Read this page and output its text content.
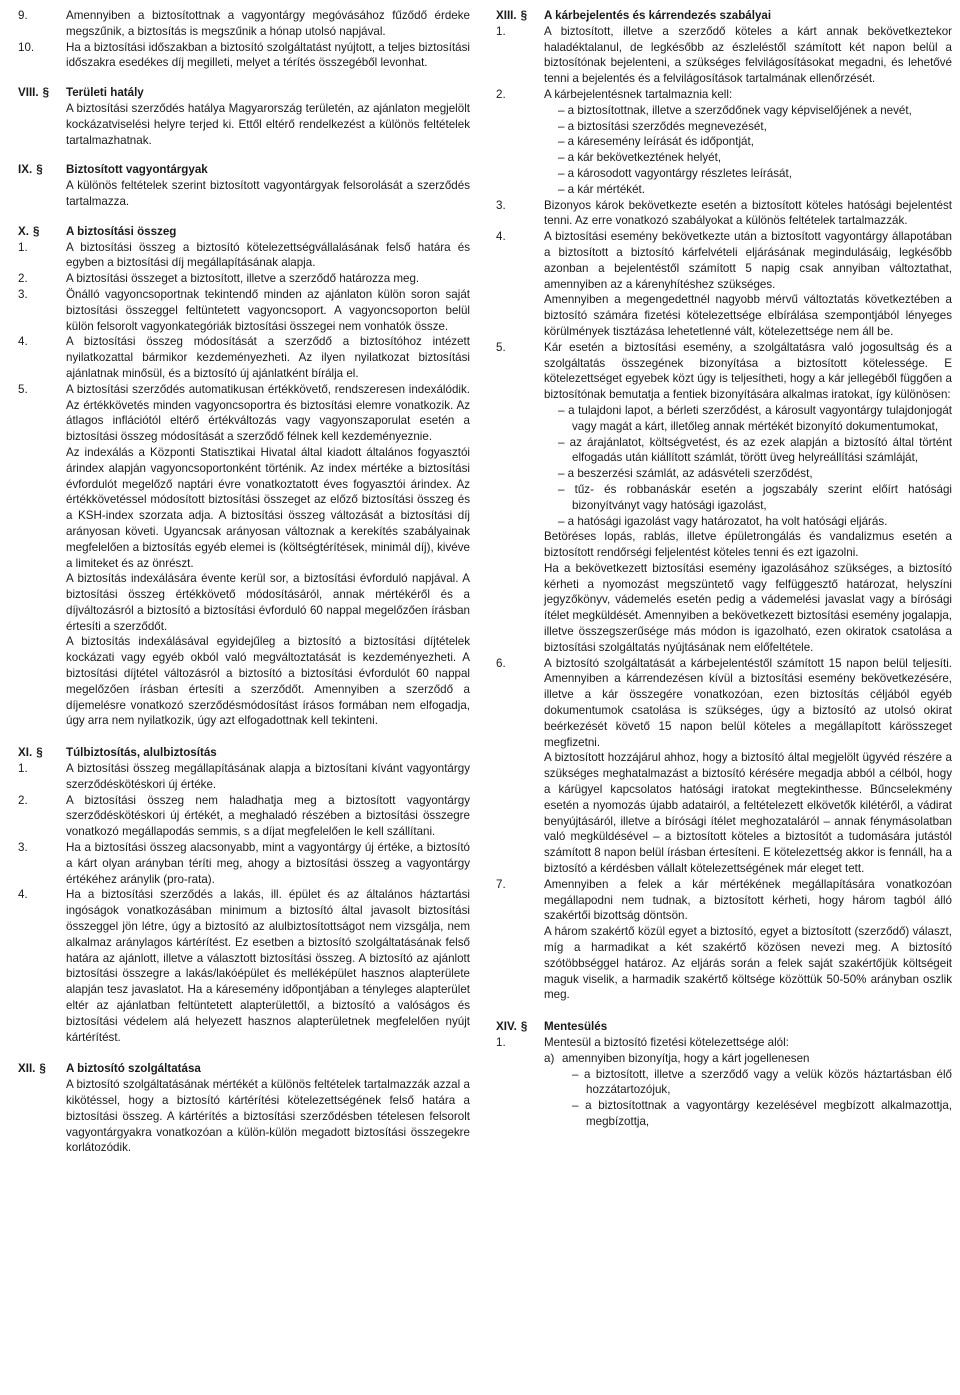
9.	Amennyiben a biztosítottnak a vagyontárgy megóvásához fűződő érdeke megszűnik, a biztosítás is megszűnik a hónap utolsó napjával.
10.	Ha a biztosítási időszakban a biztosító szolgáltatást nyújtott, a teljes biztosítási időszakra esedékes díj megilleti, melyet a térítés összegéből levonhat.
VIII. §	Területi hatály
A biztosítási szerződés hatálya Magyarország területén, az ajánlaton megjelölt kockázatviselési helyre terjed ki. Ettől eltérő rendelkezést a különös feltételek tartalmazhatnak.
IX. §	Biztosított vagyontárgyak
A különös feltételek szerint biztosított vagyontárgyak felsorolását a szerződés tartalmazza.
X. §	A biztosítási összeg
1.	A biztosítási összeg a biztosító kötelezettségvállalásának felső határa és egyben a biztosítási díj megállapításának alapja.
2.	A biztosítási összeget a biztosított, illetve a szerződő határozza meg.
3.	Önálló vagyoncsoportnak tekintendő minden az ajánlaton külön soron saját biztosítási összeggel feltüntetett vagyoncsoport. A vagyoncsoporton belül külön felsorolt vagyonkategóriák biztosítási összegei nem vonhatók össze.
4.	A biztosítási összeg módosítását a szerződő a biztosítóhoz intézett nyilatkozattal bármikor kezdeményezheti. Az ilyen nyilatkozat biztosítási ajánlatnak minősül, és a biztosító új ajánlatként bírálja el.
5.	A biztosítási szerződés automatikusan értékkövető, rendszeresen indexálódik. Az értékkövetés minden vagyoncsoportra és biztosítási elemre vonatkozik. Az átlagos inflációtól eltérő értékváltozás vagy vagyonszaporulat esetén a biztosítási összeg módosítását a szerződő félnek kell kezdeményeznie.
Az indexálás a Központi Statisztikai Hivatal által kiadott általános fogyasztói árindex alapján vagyoncsoportonként történik. Az index mértéke a biztosítási évfordulót megelőző naptári évre vonatkoztatott éves fogyasztói árindex. Az értékkövetéssel módosított biztosítási összeget az előző biztosítási összeg és a KSH-index szorzata adja. A biztosítási összeg változását a biztosítási díj arányosan követi. Ugyancsak arányosan változnak a kerekítés szabályainak megfelelően a biztosítás egyéb elemei is (költségtérítések, minimál díj), kivéve a limiteket és az önrészt.
A biztosítás indexálására évente kerül sor, a biztosítási évforduló napjával. A biztosítási összeg értékkövető módosításáról, annak mértékéről és a díjváltozásról a biztosító a biztosítási évforduló 60 nappal megelőzően írásban értesíti a szerződőt.
A biztosítás indexálásával egyidejűleg a biztosító a biztosítási díjtételek kockázati vagy egyéb okból való megváltoztatását is kezdeményezheti. A biztosítási díjtétel változásról a biztosító a biztosítási évfordulót 60 nappal megelőzően írásban értesíti a szerződőt. Amennyiben a szerződő a díjemelésre vonatkozó szerződésmódosítást írásos formában nem elfogadja, úgy arra nem nyilatkozik, úgy azt elfogadottnak kell tekinteni.
XI. §	Túlbiztosítás, alulbiztosítás
1.	A biztosítási összeg megállapításának alapja a biztosítani kívánt vagyontárgy szerződéskötéskori új értéke.
2.	A biztosítási összeg nem haladhatja meg a biztosított vagyontárgy szerződéskötéskori új értékét, a meghaladó részében a biztosítási összegre vonatkozó megállapodás semmis, s a díjat megfelelően le kell szállítani.
3.	Ha a biztosítási összeg alacsonyabb, mint a vagyontárgy új értéke, a biztosító a kárt olyan arányban téríti meg, ahogy a biztosítási összeg a vagyontárgy értékéhez aránylik (pro-rata).
4.	Ha a biztosítási szerződés a lakás, ill. épület és az általános háztartási ingóságok vonatkozásában minimum a biztosító által javasolt biztosítási összeggel jön létre, úgy a biztosító az alulbiztosítottságot nem vizsgálja, nem alkalmaz aránylagos kártérítést. Ez esetben a biztosító szolgáltatásának felső határa az ajánlott, illetve a választott biztosítási összeg. A biztosító az ajánlott biztosítási összegre a lakás/lakóépület és melléképület hasznos alapterülete alapján tesz javaslatot. Ha a káresemény időpontjában a tényleges alapterület eltér az ajánlatban feltüntetett alapterülettől, a biztosító a valóságos és biztosítási védelem alá helyezett hasznos alapterületnek megfelelően nyújt kártérítést.
XII. §	A biztosító szolgáltatása
A biztosító szolgáltatásának mértékét a különös feltételek tartalmazzák azzal a kikötéssel, hogy a biztosító kártérítési kötelezettségének felső határa a biztosítási összeg. A kártérítés a biztosítási szerződésben tételesen felsorolt vagyontárgyakra vonatkozóan a külön-külön megadott biztosítási összegekre korlátozódik.
XIII. §	A kárbejelentés és kárrendezés szabályai
1.	A biztosított, illetve a szerződő köteles a kárt annak bekövetkeztekor haladéktalanul, de legkésőbb az észleléstől számított két napon belül a biztosítónak bejelenteni, a szükséges felvilágosításokat megadni, és lehetővé tenni a bejelentés és a felvilágosítások tartalmának ellenőrzését.
2.	A kárbejelentésnek tartalmaznia kell:
– a biztosítottnak, illetve a szerződőnek vagy képviselőjének a nevét,
– a biztosítási szerződés megnevezését,
– a káresemény leírását és időpontját,
– a kár bekövetkeztének helyét,
– a károsodott vagyontárgy részletes leírását,
– a kár mértékét.
3.	Bizonyos károk bekövetkezte esetén a biztosított köteles hatósági bejelentést tenni. Az erre vonatkozó szabályokat a különös feltételek tartalmazzák.
4.	A biztosítási esemény bekövetkezte után a biztosított vagyontárgy állapotában a biztosított a biztosító kárfelvételi eljárásának megindulásáig, legkésőbb azonban a bejelentéstől számított 5 napig csak annyiban változtathat, amennyiben az a kárenyhítéshez szükséges.
Amennyiben a megengedettnél nagyobb mérvű változtatás következtében a biztosító számára fizetési kötelezettsége elbírálása szempontjából lényeges körülmények tisztázása lehetetlenné vált, kötelezettsége nem áll be.
5.	Kár esetén a biztosítási esemény, a szolgáltatásra való jogosultság és a szolgáltatás összegének bizonyítása a biztosított kötelessége. E kötelezettséget egyebek közt úgy is teljesítheti, hogy a kár jellegéből függően a biztosítónak bemutatja a fentiek bizonyítására alkalmas iratokat, így különösen:
– a tulajdoni lapot, a bérleti szerződést, a károsult vagyontárgy tulajdonjogát vagy magát a kárt, illetőleg annak mértékét bizonyító dokumentumokat,
– az árajánlatot, költségvetést, és az ezek alapján a biztosító által történt elfogadás után kiállított számlát, törött üveg helyreállítási számláját,
– a beszerzési számlát, az adásvételi szerződést,
– tűz- és robbanáskár esetén a jogszabály szerint előírt hatósági bizonyítványt vagy hatósági igazolást,
– a hatósági igazolást vagy határozatot, ha volt hatósági eljárás.
Betöréses lopás, rablás, illetve épületrongálás és vandalizmus esetén a biztosított rendőrségi feljelentést köteles tenni és ezt igazolni.
Ha a bekövetkezett biztosítási esemény igazolásához szükséges, a biztosító kérheti a nyomozást megszüntető vagy felfüggesztő határozat, helyszíni jegyzőkönyv, vádemelés esetén pedig a vádemelési javaslat vagy a bírósági ítélet megküldését. Amennyiben a bekövetkezett biztosítási esemény jogalapja, illetve összegszerűsége más módon is igazolható, ezen okiratok csatolása a biztosítási szolgáltatás nyújtásának nem előfeltétele.
6.	A biztosító szolgáltatását a kárbejelentéstől számított 15 napon belül teljesíti. Amennyiben a kárrendezésen kívül a biztosítási esemény bekövetkezésére, illetve a kár összegére vonatkozóan, ezen biztosítás céljából egyéb dokumentumok csatolása is szükséges, úgy a biztosító az utolsó okirat beérkezését követő 15 napon belül köteles a megállapított kárösszeget megfizetni.
A biztosított hozzájárul ahhoz, hogy a biztosító által megjelölt ügyvéd részére a szükséges meghatalmazást a biztosító kérésére megadja abból a célból, hogy a kárügyel kapcsolatos hatósági iratokat megtekinthesse. Bűncselekmény esetén a nyomozás újabb adatairól, a feltételezett elkövetők kilétéről, a vádirat benyújtásáról, illetve a bírósági ítélet meghozataláról – annak fénymásolatban való megküldésével – a biztosított köteles a biztosítót a tudomására jutástól számított 8 napon belül írásban értesíteni. E kötelezettség akkor is fennáll, ha a biztosító a kérdésben vállalt kötelezettségének már eleget tett.
7.	Amennyiben a felek a kár mértékének megállapítására vonatkozóan megállapodni nem tudnak, a biztosított kérheti, hogy három tagból álló szakértői bizottság döntsön.
A három szakértő közül egyet a biztosító, egyet a biztosított (szerződő) választ, míg a harmadikat a két szakértő közösen nevezi meg. A biztosító szótöbbséggel határoz. Az eljárás során a felek saját szakértőjük költségeit maguk viselik, a harmadik szakértő költsége közöttük 50-50% arányban oszlik meg.
XIV. §	Mentesülés
1.	Mentesül a biztosító fizetési kötelezettsége alól:
a) amennyiben bizonyítja, hogy a kárt jogellenesen
– a biztosított, illetve a szerződő vagy a velük közös háztartásban élő hozzátartozójuk,
– a biztosítottnak a vagyontárgy kezelésével megbízott alkalmazottja, megbízottja,
